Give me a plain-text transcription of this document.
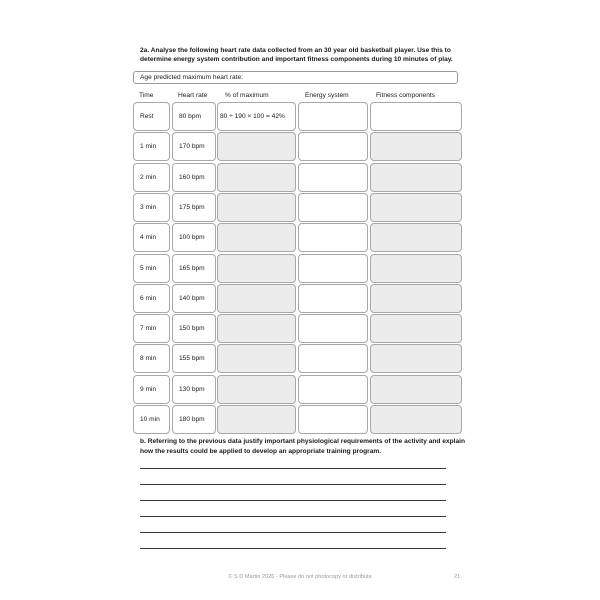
2a. Analyse the following heart rate data collected from an 30 year old basketball player. Use this to determine energy system contribution and important fitness components during 10 minutes of play.
Age predicted maximum heart rate:
Time	Heart rate	% of maximum	Energy system	Fitness components
Rest	80 bpm	80 ÷ 190 × 100 = 42%
1 min	170 bpm
2 min	160 bpm
3 min	175 bpm
4 min	100 bpm
5 min	165 bpm
6 min	140 bpm
7 min	150 bpm
8 min	155 bpm
9 min	130 bpm
10 min	180 bpm
b. Referring to the previous data justify important physiological requirements of the activity and explain how the results could be applied to develop an appropriate training program.
© S D Martin 2026 - Please do not photocopy or distribute	21
